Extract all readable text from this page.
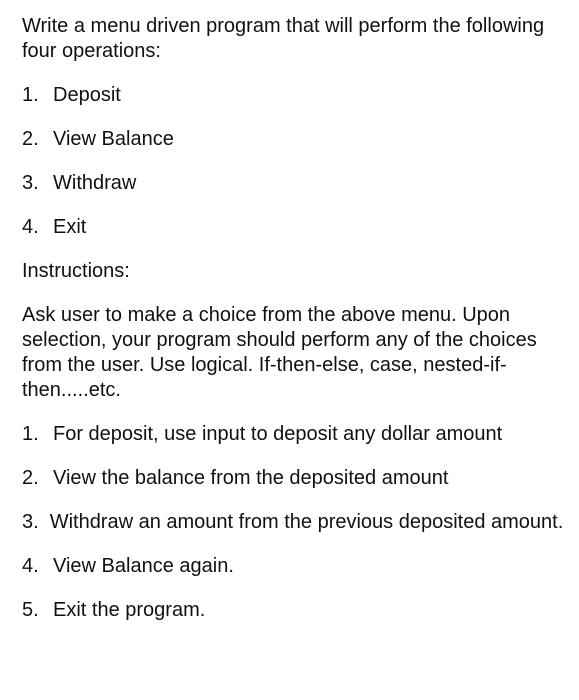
Write a menu driven program that will perform the following four operations:

1. Deposit
2. View Balance
3. Withdraw
4. Exit

Instructions:

Ask user to make a choice from the above menu. Upon selection, your program should perform any of the choices from the user. Use logical. If-then-else, case, nested-if-then.....etc.

1. For deposit, use input to deposit any dollar amount
2. View the balance from the deposited amount
3. Withdraw an amount from the previous deposited amount.
4. View Balance again.
5. Exit the program.
